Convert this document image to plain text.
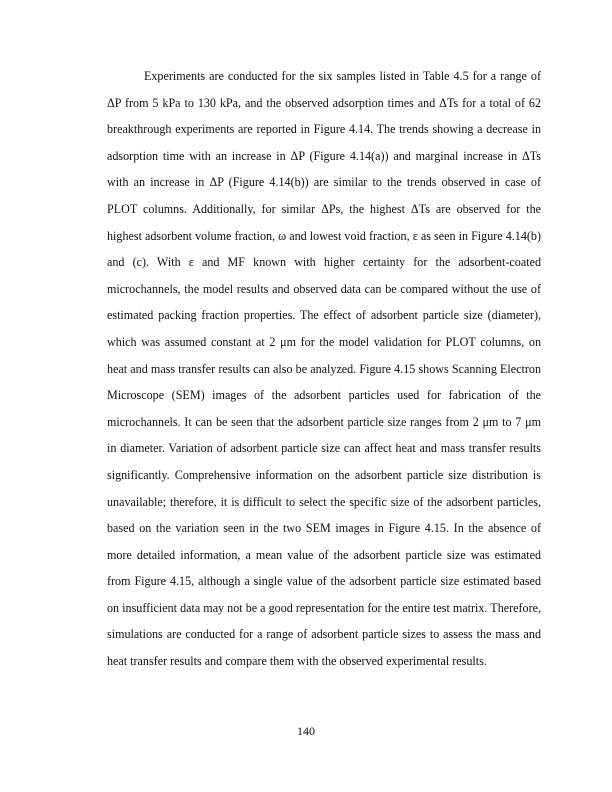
Experiments are conducted for the six samples listed in Table 4.5 for a range of ΔP from 5 kPa to 130 kPa, and the observed adsorption times and ΔTs for a total of 62 breakthrough experiments are reported in Figure 4.14. The trends showing a decrease in adsorption time with an increase in ΔP (Figure 4.14(a)) and marginal increase in ΔTs with an increase in ΔP (Figure 4.14(b)) are similar to the trends observed in case of PLOT columns. Additionally, for similar ΔPs, the highest ΔTs are observed for the highest adsorbent volume fraction, ω and lowest void fraction, ε as seen in Figure 4.14(b) and (c). With ε and MF known with higher certainty for the adsorbent-coated microchannels, the model results and observed data can be compared without the use of estimated packing fraction properties. The effect of adsorbent particle size (diameter), which was assumed constant at 2 μm for the model validation for PLOT columns, on heat and mass transfer results can also be analyzed. Figure 4.15 shows Scanning Electron Microscope (SEM) images of the adsorbent particles used for fabrication of the microchannels. It can be seen that the adsorbent particle size ranges from 2 μm to 7 μm in diameter. Variation of adsorbent particle size can affect heat and mass transfer results significantly. Comprehensive information on the adsorbent particle size distribution is unavailable; therefore, it is difficult to select the specific size of the adsorbent particles, based on the variation seen in the two SEM images in Figure 4.15. In the absence of more detailed information, a mean value of the adsorbent particle size was estimated from Figure 4.15, although a single value of the adsorbent particle size estimated based on insufficient data may not be a good representation for the entire test matrix. Therefore, simulations are conducted for a range of adsorbent particle sizes to assess the mass and heat transfer results and compare them with the observed experimental results.

140
